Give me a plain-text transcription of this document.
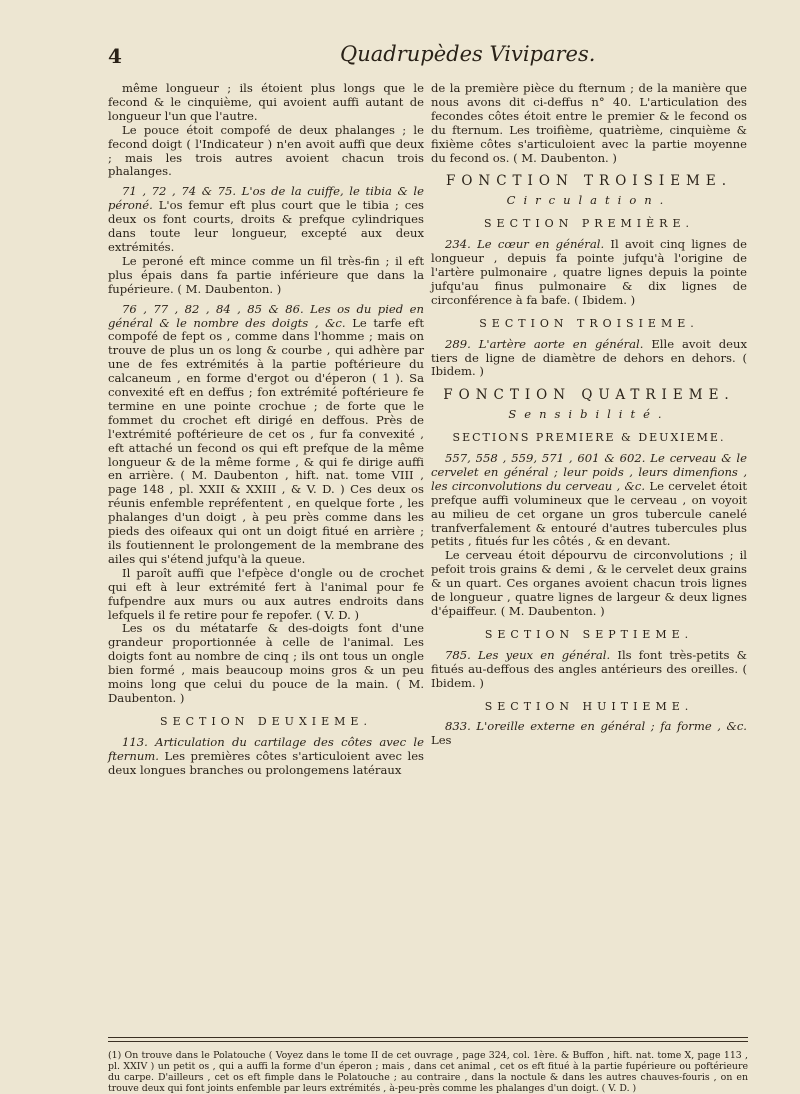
4	Quadrupèdes Vivipares.

même longueur ; ils étoient plus longs que le fecond & le cinquième, qui avoient auffi autant de longueur l'un que l'autre.

Le pouce étoit compofé de deux phalanges ; le fecond doigt ( l'Indicateur ) n'en avoit auffi que deux ; mais les trois autres avoient chacun trois phalanges.

71 , 72 , 74 & 75. L'os de la cuiffe, le tibia & le péroné. L'os femur eft plus court que le tibia ; ces deux os font courts, droits & prefque cylindriques dans toute leur longueur, excepté aux deux extrémités.

Le peroné eft mince comme un fil très-fin ; il eft plus épais dans fa partie inférieure que dans la fupérieure. ( M. Daubenton. )

76 , 77 , 82 , 84 , 85 & 86. Les os du pied en général & le nombre des doigts , &c. Le tarfe eft compofé de fept os , comme dans l'homme ; mais on trouve de plus un os long & courbe , qui adhère par une de fes extrémités à la partie poftérieure du calcaneum , en forme d'ergot ou d'éperon ( 1 ). Sa convexité eft en deffus ; fon extrémité poftérieure fe termine en une pointe crochue ; de forte que le fommet du crochet eft dirigé en deffous. Près de l'extrémité poftérieure de cet os , fur fa convexité , eft attaché un fecond os qui eft prefque de la même longueur & de la même forme , & qui fe dirige auffi en arrière. ( M. Daubenton , hift. nat. tome VIII , page 148 , pl. XXII & XXIII , & V. D. ) Ces deux os réunis enfemble repréfentent , en quelque forte , les phalanges d'un doigt , à peu près comme dans les pieds des oifeaux qui ont un doigt fitué en arrière ; ils foutiennent le prolongement de la membrane des ailes qui s'étend jufqu'à la queue.

Il paroît auffi que l'efpèce d'ongle ou de crochet qui eft à leur extrémité fert à l'animal pour fe fufpendre aux murs ou aux autres endroits dans lefquels il fe retire pour fe repofer. ( V. D. )

Les os du métatarfe & des-doigts font d'une grandeur proportionnée à celle de l'animal. Les doigts font au nombre de cinq ; ils ont tous un ongle bien formé , mais beaucoup moins gros & un peu moins long que celui du pouce de la main. ( M. Daubenton. )

SECTION DEUXIEME.

113. Articulation du cartilage des côtes avec le fternum. Les premières côtes s'articuloient avec les deux longues branches ou prolongemens latéraux

de la première pièce du fternum ; de la manière que nous avons dit ci-deffus n° 40. L'articulation des fecondes côtes étoit entre le premier & le fecond os du fternum. Les troifième, quatrième, cinquième & fixième côtes s'articuloient avec la partie moyenne du fecond os. ( M. Daubenton. )

FONCTION TROISIEME.
Circulation.
SECTION PREMIÈRE.

234. Le cœur en général. Il avoit cinq lignes de longueur , depuis fa pointe jufqu'à l'origine de l'artère pulmonaire , quatre lignes depuis la pointe jufqu'au finus pulmonaire & dix lignes de circonférence à fa bafe. ( Ibidem. )

SECTION TROISIEME.

289. L'artère aorte en général. Elle avoit deux tiers de ligne de diamètre de dehors en dehors. ( Ibidem. )

FONCTION QUATRIEME.
Sensibilité.
SECTIONS PREMIERE & DEUXIEME.

557, 558 , 559, 571 , 601 & 602. Le cerveau & le cervelet en général ; leur poids , leurs dimenfions , les circonvolutions du cerveau , &c. Le cervelet étoit prefque auffi volumineux que le cerveau , on voyoit au milieu de cet organe un gros tubercule canelé tranfverfalement & entouré d'autres tubercules plus petits , fitués fur les côtés , & en devant.

Le cerveau étoit dépourvu de circonvolutions ; il pefoit trois grains & demi , & le cervelet deux grains & un quart. Ces organes avoient chacun trois lignes de longueur , quatre lignes de largeur & deux lignes d'épaiffeur. ( M. Daubenton. )

SECTION SEPTIEME.

785. Les yeux en général. Ils font très-petits & fitués au-deffous des angles antérieurs des oreilles. ( Ibidem. )

SECTION HUITIEME.

833. L'oreille externe en général ; fa forme , &c. Les

(1) On trouve dans le Polatouche ( Voyez dans le tome II de cet ouvrage , page 324, col. 1ère. & Buffon , hift. nat. tome X, page 113 , pl. XXIV ) un petit os , qui a auffi la forme d'un éperon ; mais , dans cet animal , cet os eft fitué à la partie fupérieure ou poftérieure du carpe. D'ailleurs , cet os eft fimple dans le Polatouche ; au contraire , dans la noctule & dans les autres chauves-fouris , on en trouve deux qui font joints enfemble par leurs extrémités , à-peu-près comme les phalanges d'un doigt. ( V. D. )
